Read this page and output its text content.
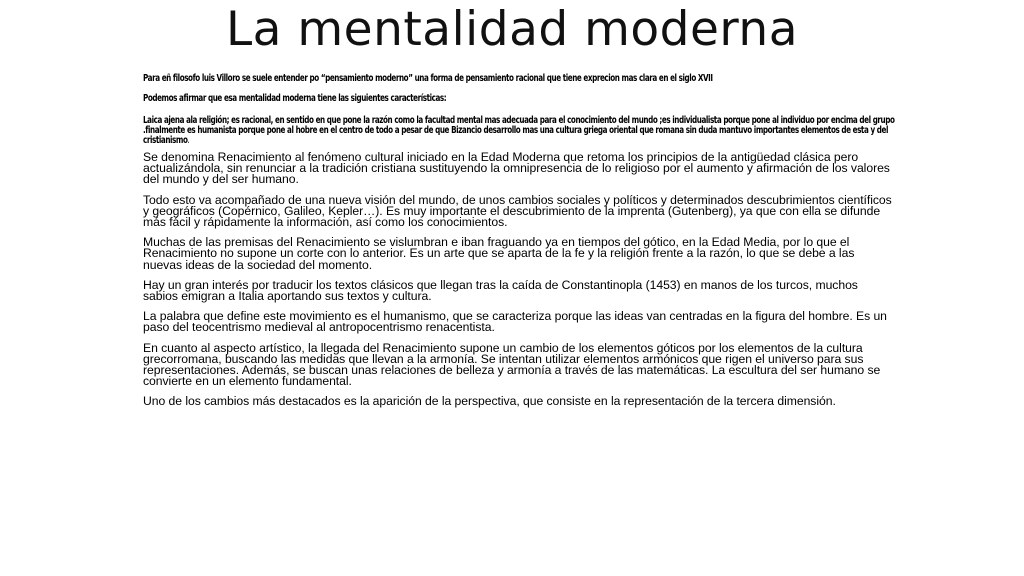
La mentalidad moderna

Para eñ filosofo luis Villoro se suele entender po “pensamiento moderno” una forma de pensamiento racional que tiene exprecion mas clara en el siglo XVII

Podemos afirmar que esa mentalidad moderna tiene las siguientes características:

Laica ajena ala religión; es racional, en sentido en que pone la razón como la facultad mental mas adecuada para el conocimiento del mundo ;es individualista porque pone al individuo por encima del grupo .finalmente es humanista porque pone al hobre en el centro de todo a pesar de que Bizancio desarrollo mas una cultura griega oriental que romana sin duda mantuvo importantes elementos de esta y del cristianismo.

Se denomina Renacimiento al fenómeno cultural iniciado en la Edad Moderna que retoma los principios de la antigüedad clásica pero actualizándola, sin renunciar a la tradición cristiana sustituyendo la omnipresencia de lo religioso por el aumento y afirmación de los valores del mundo y del ser humano.

Todo esto va acompañado de una nueva visión del mundo, de unos cambios sociales y políticos y determinados descubrimientos científicos y geográficos (Copérnico, Galileo, Kepler…). Es muy importante el descubrimiento de la imprenta (Gutenberg), ya que con ella se difunde más fácil y rápidamente la información, así como los conocimientos.

Muchas de las premisas del Renacimiento se vislumbran e iban fraguando ya en tiempos del gótico, en la Edad Media, por lo que el Renacimiento no supone un corte con lo anterior. Es un arte que se aparta de la fe y la religión frente a la razón, lo que se debe a las nuevas ideas de la sociedad del momento.

Hay un gran interés por traducir los textos clásicos que llegan tras la caída de Constantinopla (1453) en manos de los turcos, muchos sabios emigran a Italia aportando sus textos y cultura.

La palabra que define este movimiento es el humanismo, que se caracteriza porque las ideas van centradas en la figura del hombre. Es un paso del teocentrismo medieval al antropocentrismo renacentista.

En cuanto al aspecto artístico, la llegada del Renacimiento supone un cambio de los elementos góticos por los elementos de la cultura grecorromana, buscando las medidas que llevan a la armonía. Se intentan utilizar elementos armónicos que rigen el universo para sus representaciones. Además, se buscan unas relaciones de belleza y armonía a través de las matemáticas. La escultura del ser humano se convierte en un elemento fundamental.

Uno de los cambios más destacados es la aparición de la perspectiva, que consiste en la representación de la tercera dimensión.
